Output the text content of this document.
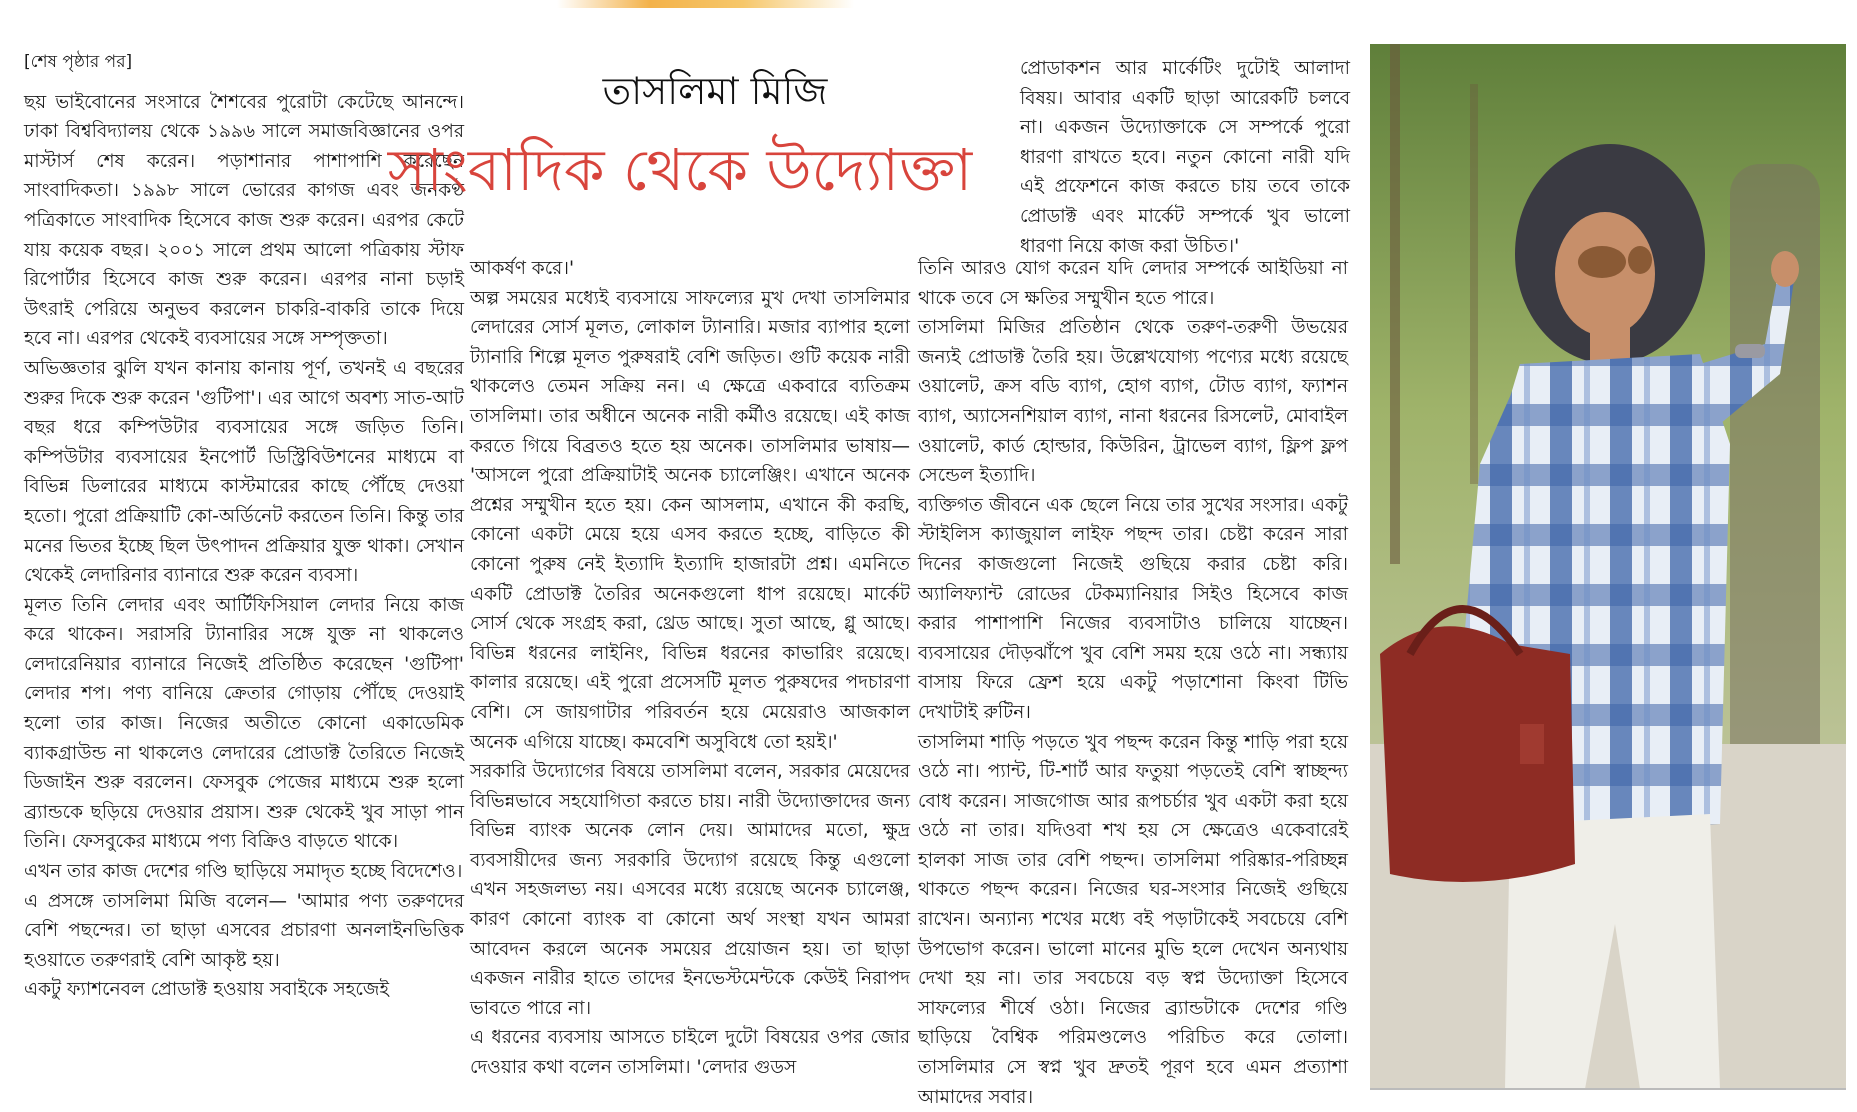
[শেষ পৃষ্ঠার পর]

ছয় ভাইবোনের সংসারে শৈশবের পুরোটা কেটেছে আনন্দে। ঢাকা বিশ্ববিদ্যালয় থেকে ১৯৯৬ সালে সমাজবিজ্ঞানের ওপর মাস্টার্স শেষ করেন। পড়াশানার পাশাপাশি করেছেন সাংবাদিকতা। ১৯৯৮ সালে ভোরের কাগজ এবং জনকণ্ঠ পত্রিকাতে সাংবাদিক হিসেবে কাজ শুরু করেন। এরপর কেটে যায় কয়েক বছর। ২০০১ সালে প্রথম আলো পত্রিকায় স্টাফ রিপোর্টার হিসেবে কাজ শুরু করেন। এরপর নানা চড়াই উৎরাই পেরিয়ে অনুভব করলেন চাকরি-বাকরি তাকে দিয়ে হবে না। এরপর থেকেই ব্যবসায়ের সঙ্গে সম্পৃক্ততা।

অভিজ্ঞতার ঝুলি যখন কানায় কানায় পূর্ণ, তখনই এ বছরের শুরুর দিকে শুরু করেন 'গুটিপা'। এর আগে অবশ্য সাত-আট বছর ধরে কম্পিউটার ব্যবসায়ের সঙ্গে জড়িত তিনি। কম্পিউটার ব্যবসায়ের ইনপোর্ট ডিস্ট্রিবিউশনের মাধ্যমে বা বিভিন্ন ডিলারের মাধ্যমে কাস্টমারের কাছে পৌঁছে দেওয়া হতো। পুরো প্রক্রিয়াটি কো-অর্ডিনেট করতেন তিনি। কিন্তু তার মনের ভিতর ইচ্ছে ছিল উৎপাদন প্রক্রিয়ার যুক্ত থাকা। সেখান থেকেই লেদারিনার ব্যানারে শুরু করেন ব্যবসা।

মূলত তিনি লেদার এবং আর্টিফিসিয়াল লেদার নিয়ে কাজ করে থাকেন। সরাসরি ট্যানারির সঙ্গে যুক্ত না থাকলেও লেদারেনিয়ার ব্যানারে নিজেই প্রতিষ্ঠিত করেছেন 'গুটিপা' লেদার শপ। পণ্য বানিয়ে ক্রেতার গোড়ায় পৌঁছে দেওয়াই হলো তার কাজ। নিজের অতীতে কোনো একাডেমিক ব্যাকগ্রাউন্ড না থাকলেও লেদারের প্রোডাক্ট তৈরিতে নিজেই ডিজাইন শুরু বরলেন। ফেসবুক পেজের মাধ্যমে শুরু হলো ব্র্যান্ডকে ছড়িয়ে দেওয়ার প্রয়াস। শুরু থেকেই খুব সাড়া পান তিনি। ফেসবুকের মাধ্যমে পণ্য বিক্রিও বাড়তে থাকে।

এখন তার কাজ দেশের গণ্ডি ছাড়িয়ে সমাদৃত হচ্ছে বিদেশেও।

এ প্রসঙ্গে তাসলিমা মিজি বলেন— 'আমার পণ্য তরুণদের বেশি পছন্দের। তা ছাড়া এসবের প্রচারণা অনলাইনভিত্তিক হওয়াতে তরুণরাই বেশি আকৃষ্ট হয়।

একটু ফ্যাশনেবল প্রোডাক্ট হওয়ায় সবাইকে সহজেই

তাসলিমা মিজি
সাংবাদিক থেকে উদ্যোক্তা

আকর্ষণ করে।'

অল্প সময়ের মধ্যেই ব্যবসায়ে সাফল্যের মুখ দেখা তাসলিমার লেদারের সোর্স মূলত, লোকাল ট্যানারি। মজার ব্যাপার হলো ট্যানারি শিল্পে মূলত পুরুষরাই বেশি জড়িত। গুটি কয়েক নারী থাকলেও তেমন সক্রিয় নন। এ ক্ষেত্রে একবারে ব্যতিক্রম তাসলিমা। তার অধীনে অনেক নারী কর্মীও রয়েছে। এই কাজ করতে গিয়ে বিব্রতও হতে হয় অনেক। তাসলিমার ভাষায়— 'আসলে পুরো প্রক্রিয়াটাই অনেক চ্যালেঞ্জিং। এখানে অনেক প্রশ্নের সম্মুখীন হতে হয়। কেন আসলাম, এখানে কী করছি, কোনো একটা মেয়ে হয়ে এসব করতে হচ্ছে, বাড়িতে কী কোনো পুরুষ নেই ইত্যাদি ইত্যাদি হাজারটা প্রশ্ন। এমনিতে একটি প্রোডাক্ট তৈরির অনেকগুলো ধাপ রয়েছে। মার্কেট সোর্স থেকে সংগ্রহ করা, থ্রেড আছে। সুতা আছে, গ্লু আছে। বিভিন্ন ধরনের লাইনিং, বিভিন্ন ধরনের কাভারিং রয়েছে। কালার রয়েছে। এই পুরো প্রসেসটি মূলত পুরুষদের পদচারণা বেশি। সে জায়গাটার পরিবর্তন হয়ে মেয়েরাও আজকাল অনেক এগিয়ে যাচ্ছে। কমবেশি অসুবিধে তো হয়ই।'

সরকারি উদ্যোগের বিষয়ে তাসলিমা বলেন, সরকার মেয়েদের বিভিন্নভাবে সহযোগিতা করতে চায়। নারী উদ্যোক্তাদের জন্য বিভিন্ন ব্যাংক অনেক লোন দেয়। আমাদের মতো, ক্ষুদ্র ব্যবসায়ীদের জন্য সরকারি উদ্যোগ রয়েছে কিন্তু এগুলো এখন সহজলভ্য নয়। এসবের মধ্যে রয়েছে অনেক চ্যালেঞ্জ, কারণ কোনো ব্যাংক বা কোনো অর্থ সংস্থা যখন আমরা আবেদন করলে অনেক সময়ের প্রয়োজন হয়। তা ছাড়া একজন নারীর হাতে তাদের ইনভেস্টমেন্টকে কেউই নিরাপদ ভাবতে পারে না।

এ ধরনের ব্যবসায় আসতে চাইলে দুটো বিষয়ের ওপর জোর দেওয়ার কথা বলেন তাসলিমা। 'লেদার গুডস

প্রোডাকশন আর মার্কেটিং দুটোই আলাদা বিষয়। আবার একটি ছাড়া আরেকটি চলবে না। একজন উদ্যোক্তাকে সে সম্পর্কে পুরো ধারণা রাখতে হবে। নতুন কোনো নারী যদি এই প্রফেশনে কাজ করতে চায় তবে তাকে প্রোডাক্ট এবং মার্কেট সম্পর্কে খুব ভালো ধারণা নিয়ে কাজ করা উচিত।'

তিনি আরও যোগ করেন যদি লেদার সম্পর্কে আইডিয়া না থাকে তবে সে ক্ষতির সম্মুখীন হতে পারে।

তাসলিমা মিজির প্রতিষ্ঠান থেকে তরুণ-তরুণী উভয়ের জন্যই প্রোডাক্ট তৈরি হয়। উল্লেখযোগ্য পণ্যের মধ্যে রয়েছে ওয়ালেট, ক্রস বডি ব্যাগ, হোগ ব্যাগ, টোড ব্যাগ, ফ্যাশন ব্যাগ, অ্যাসেনশিয়াল ব্যাগ, নানা ধরনের রিসলেট, মোবাইল ওয়ালেট, কার্ড হোল্ডার, কিউরিন, ট্রাভেল ব্যাগ, ফ্লিপ ফ্লপ সেন্ডেল ইত্যাদি।

ব্যক্তিগত জীবনে এক ছেলে নিয়ে তার সুখের সংসার। একটু স্টাইলিস ক্যাজুয়াল লাইফ পছন্দ তার। চেষ্টা করেন সারা দিনের কাজগুলো নিজেই গুছিয়ে করার চেষ্টা করি। অ্যালিফ্যান্ট রোডের টেকম্যানিয়ার সিইও হিসেবে কাজ করার পাশাপাশি নিজের ব্যবসাটাও চালিয়ে যাচ্ছেন। ব্যবসায়ের দৌড়ঝাঁপে খুব বেশি সময় হয়ে ওঠে না। সন্ধ্যায় বাসায় ফিরে ফ্রেশ হয়ে একটু পড়াশোনা কিংবা টিভি দেখাটাই রুটিন।

তাসলিমা শাড়ি পড়তে খুব পছন্দ করেন কিন্তু শাড়ি পরা হয়ে ওঠে না। প্যান্ট, টি-শার্ট আর ফতুয়া পড়তেই বেশি স্বাচ্ছন্দ্য বোধ করেন। সাজগোজ আর রূপচর্চার খুব একটা করা হয়ে ওঠে না তার। যদিওবা শখ হয় সে ক্ষেত্রেও একেবারেই হালকা সাজ তার বেশি পছন্দ। তাসলিমা পরিষ্কার-পরিচ্ছন্ন থাকতে পছন্দ করেন। নিজের ঘর-সংসার নিজেই গুছিয়ে রাখেন। অন্যান্য শখের মধ্যে বই পড়াটাকেই সবচেয়ে বেশি উপভোগ করেন। ভালো মানের মুভি হলে দেখেন অন্যথায় দেখা হয় না। তার সবচেয়ে বড় স্বপ্ন উদ্যোক্তা হিসেবে সাফল্যের শীর্ষে ওঠা। নিজের ব্র্যান্ডটাকে দেশের গণ্ডি ছাড়িয়ে বৈশ্বিক পরিমণ্ডলেও পরিচিত করে তোলা। তাসলিমার সে স্বপ্ন খুব দ্রুতই পূরণ হবে এমন প্রত্যাশা আমাদের সবার।
